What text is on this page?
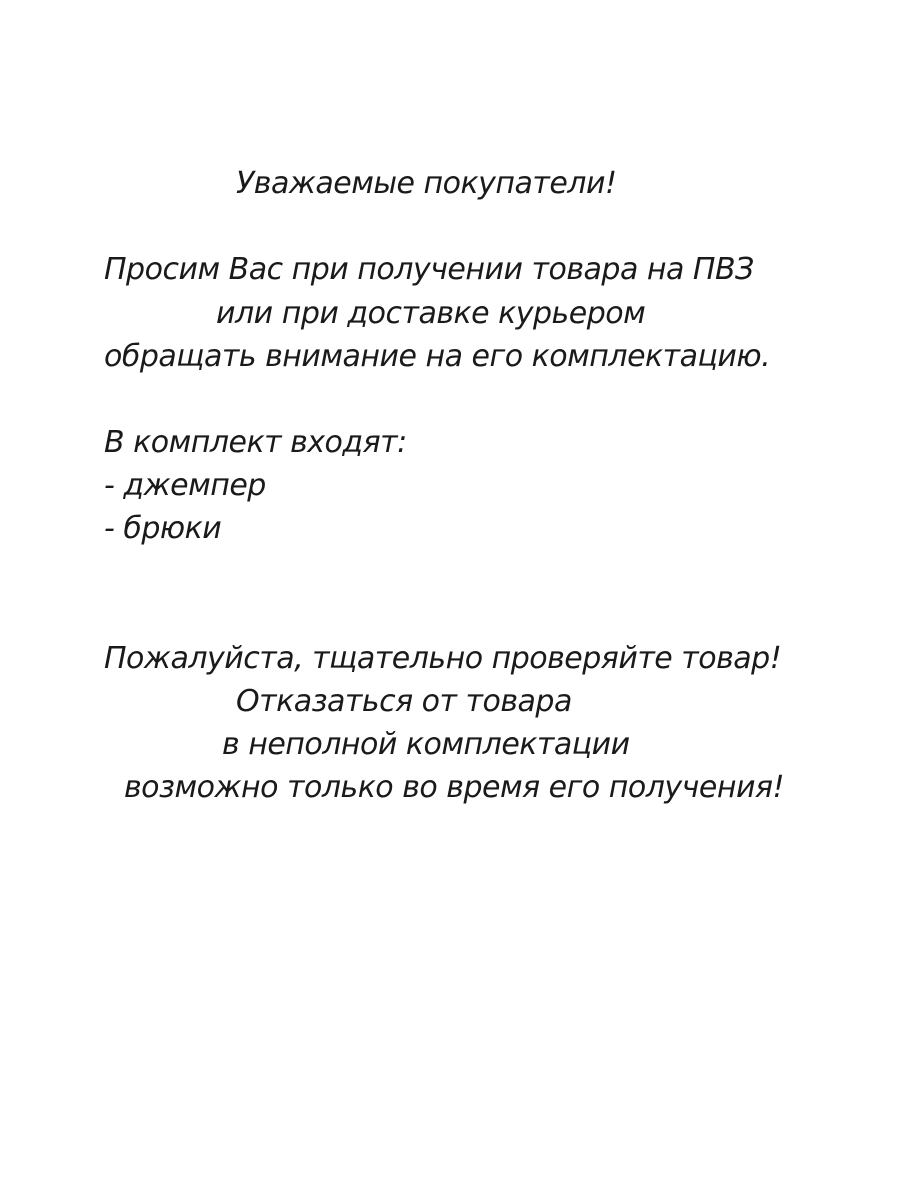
Уважаемые покупатели!
Просим Вас при получении товара на ПВЗ
или при доставке курьером
обращать внимание на его комплектацию.
В комплект входят:
- джемпер
- брюки
Пожалуйста, тщательно проверяйте товар!
Отказаться от товара
в неполной комплектации
возможно только во время его получения!
